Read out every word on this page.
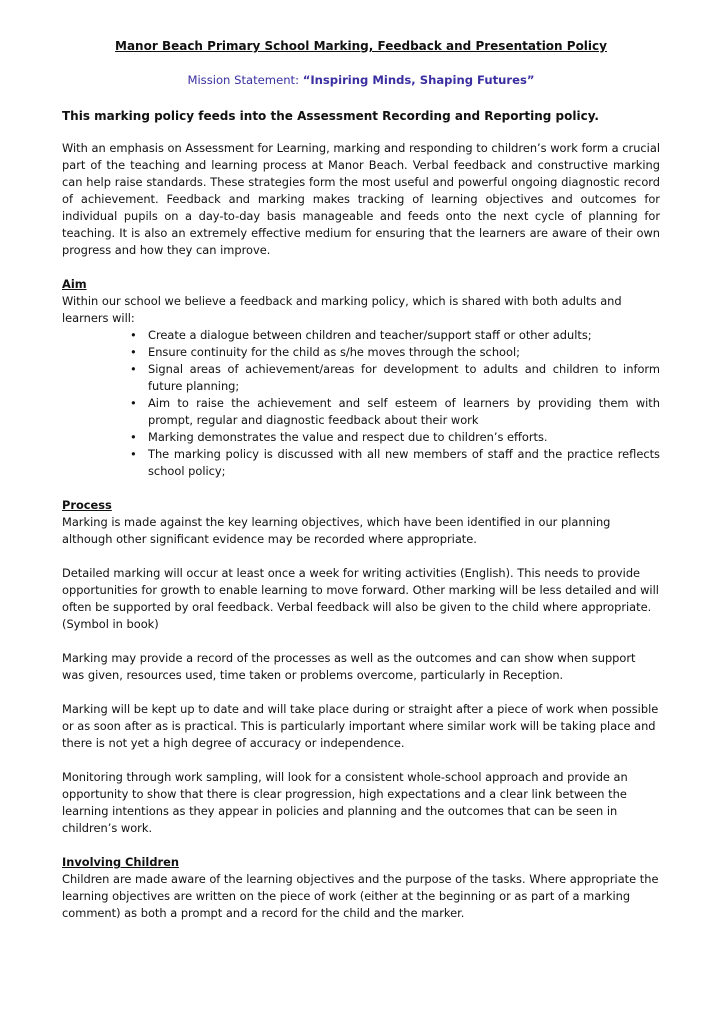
Manor Beach Primary School Marking, Feedback and Presentation Policy
Mission Statement: “Inspiring Minds, Shaping Futures”
This marking policy feeds into the Assessment Recording and Reporting policy.

With an emphasis on Assessment for Learning, marking and responding to children’s work form a crucial part of the teaching and learning process at Manor Beach. Verbal feedback and constructive marking can help raise standards. These strategies form the most useful and powerful ongoing diagnostic record of achievement. Feedback and marking makes tracking of learning objectives and outcomes for individual pupils on a day-to-day basis manageable and feeds onto the next cycle of planning for teaching. It is also an extremely effective medium for ensuring that the learners are aware of their own progress and how they can improve.

Aim

Within our school we believe a feedback and marking policy, which is shared with both adults and learners will:

• Create a dialogue between children and teacher/support staff or other adults;
• Ensure continuity for the child as s/he moves through the school;
• Signal areas of achievement/areas for development to adults and children to inform future planning;
• Aim to raise the achievement and self esteem of learners by providing them with prompt, regular and diagnostic feedback about their work
• Marking demonstrates the value and respect due to children’s efforts.
• The marking policy is discussed with all new members of staff and the practice reflects school policy;
Process

Marking is made against the key learning objectives, which have been identified in our planning although other significant evidence may be recorded where appropriate.

Detailed marking will occur at least once a week for writing activities (English). This needs to provide opportunities for growth to enable learning to move forward. Other marking will be less detailed and will often be supported by oral feedback. Verbal feedback will also be given to the child where appropriate. (Symbol in book)

Marking may provide a record of the processes as well as the outcomes and can show when support was given, resources used, time taken or problems overcome, particularly in Reception.

Marking will be kept up to date and will take place during or straight after a piece of work when possible or as soon after as is practical. This is particularly important where similar work will be taking place and there is not yet a high degree of accuracy or independence.

Monitoring through work sampling, will look for a consistent whole-school approach and provide an opportunity to show that there is clear progression, high expectations and a clear link between the learning intentions as they appear in policies and planning and the outcomes that can be seen in children’s work.

Involving Children

Children are made aware of the learning objectives and the purpose of the tasks. Where appropriate the learning objectives are written on the piece of work (either at the beginning or as part of a marking comment) as both a prompt and a record for the child and the marker.
